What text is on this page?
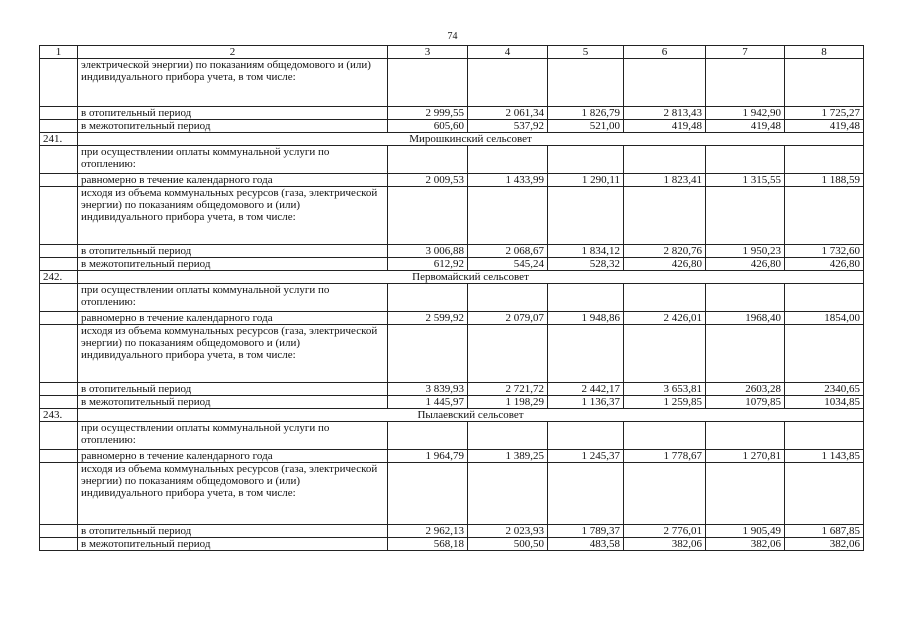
74
1	2	3	4	5	6	7	8
	электрической энергии) по показаниям общедомового и (или) индивидуального прибора учета, в том числе:						
	в отопительный период	2 999,55	2 061,34	1 826,79	2 813,43	1 942,90	1 725,27
	в межотопительный период	605,60	537,92	521,00	419,48	419,48	419,48
241.	Мирошкинский сельсовет						
	при осуществлении оплаты коммунальной услуги по отоплению:						
	равномерно в течение календарного года	2 009,53	1 433,99	1 290,11	1 823,41	1 315,55	1 188,59
	исходя из объема коммунальных ресурсов (газа, электрической энергии) по показаниям общедомового и (или) индивидуального прибора учета, в том числе:						
	в отопительный период	3 006,88	2 068,67	1 834,12	2 820,76	1 950,23	1 732,60
	в межотопительный период	612,92	545,24	528,32	426,80	426,80	426,80
242.	Первомайский сельсовет						
	при осуществлении оплаты коммунальной услуги по отоплению:						
	равномерно в течение календарного года	2 599,92	2 079,07	1 948,86	2 426,01	1968,40	1854,00
	исходя из объема коммунальных ресурсов (газа, электрической энергии) по показаниям общедомового и (или) индивидуального прибора учета, в том числе:						
	в отопительный период	3 839,93	2 721,72	2 442,17	3 653,81	2603,28	2340,65
	в межотопительный период	1 445,97	1 198,29	1 136,37	1 259,85	1079,85	1034,85
243.	Пылаевский сельсовет						
	при осуществлении оплаты коммунальной услуги по отоплению:						
	равномерно в течение календарного года	1 964,79	1 389,25	1 245,37	1 778,67	1 270,81	1 143,85
	исходя из объема коммунальных ресурсов (газа, электрической энергии) по показаниям общедомового и (или) индивидуального прибора учета, в том числе:						
	в отопительный период	2 962,13	2 023,93	1 789,37	2 776,01	1 905,49	1 687,85
	в межотопительный период	568,18	500,50	483,58	382,06	382,06	382,06
